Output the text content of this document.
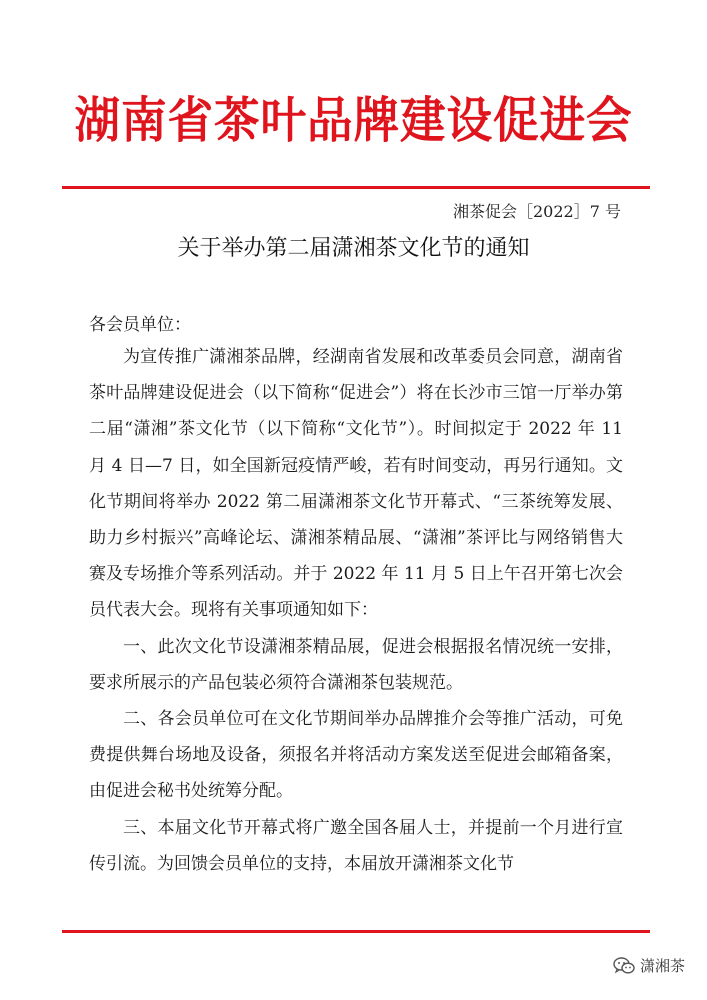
湖南省茶叶品牌建设促进会
湘茶促会［2022］7 号
关于举办第二届潇湘茶文化节的通知
各会员单位：

为宣传推广潇湘茶品牌，经湖南省发展和改革委员会同意，湖南省茶叶品牌建设促进会（以下简称“促进会”）将在长沙市三馆一厅举办第二届“潇湘”茶文化节（以下简称“文化节”）。时间拟定于 2022 年 11 月 4 日—7 日，如全国新冠疫情严峻，若有时间变动，再另行通知。文化节期间将举办 2022 第二届潇湘茶文化节开幕式、“三茶统筹发展、助力乡村振兴”高峰论坛、潇湘茶精品展、“潇湘”茶评比与网络销售大赛及专场推介等系列活动。并于 2022 年 11 月 5 日上午召开第七次会员代表大会。现将有关事项通知如下：

一、此次文化节设潇湘茶精品展，促进会根据报名情况统一安排，要求所展示的产品包装必须符合潇湘茶包装规范。

二、各会员单位可在文化节期间举办品牌推介会等推广活动，可免费提供舞台场地及设备，须报名并将活动方案发送至促进会邮箱备案，由促进会秘书处统筹分配。

三、本届文化节开幕式将广邀全国各届人士，并提前一个月进行宣传引流。为回馈会员单位的支持，本届放开潇湘茶文化节

潇湘茶
